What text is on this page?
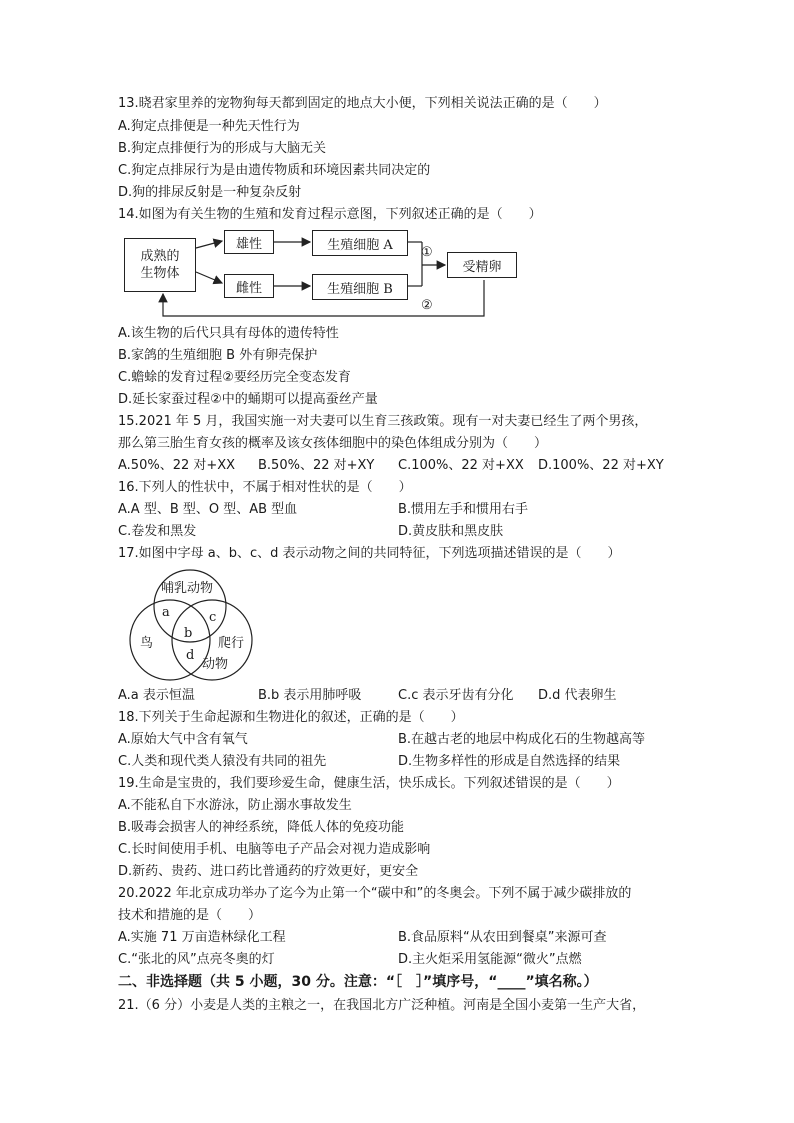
13.晓君家里养的宠物狗每天都到固定的地点大小便，下列相关说法正确的是（　　）
A.狗定点排便是一种先天性行为
B.狗定点排便行为的形成与大脑无关
C.狗定点排尿行为是由遗传物质和环境因素共同决定的
D.狗的排尿反射是一种复杂反射
14.如图为有关生物的生殖和发育过程示意图，下列叙述正确的是（　　）
成熟的生物体
雄性
雌性
生殖细胞 A
生殖细胞 B
受精卵
①
②
A.该生物的后代只具有母体的遗传特性
B.家鸽的生殖细胞 B 外有卵壳保护
C.蟾蜍的发育过程②要经历完全变态发育
D.延长家蚕过程②中的蛹期可以提高蚕丝产量
15.2021 年 5 月，我国实施一对夫妻可以生育三孩政策。现有一对夫妻已经生了两个男孩，
那么第三胎生育女孩的概率及该女孩体细胞中的染色体组成分别为（　　）
A.50%、22 对+XX B.50%、22 对+XY C.100%、22 对+XX D.100%、22 对+XY
16.下列人的性状中，不属于相对性状的是（　　）
A.A 型、B 型、O 型、AB 型血	B.惯用左手和惯用右手
C.卷发和黑发	D.黄皮肤和黑皮肤
17.如图中字母 a、b、c、d 表示动物之间的共同特征，下列选项描述错误的是（　　）
哺乳动物
鸟	爬行
动物
a
b
c
d
A.a 表示恒温	B.b 表示用肺呼吸	C.c 表示牙齿有分化 D.d 代表卵生
18.下列关于生命起源和生物进化的叙述，正确的是（　　）
A.原始大气中含有氧气	B.在越古老的地层中构成化石的生物越高等
C.人类和现代类人猿没有共同的祖先	D.生物多样性的形成是自然选择的结果
19.生命是宝贵的，我们要珍爱生命，健康生活，快乐成长。下列叙述错误的是（　　）
A.不能私自下水游泳，防止溺水事故发生
B.吸毒会损害人的神经系统，降低人体的免疫功能
C.长时间使用手机、电脑等电子产品会对视力造成影响
D.新药、贵药、进口药比普通药的疗效更好，更安全
20.2022 年北京成功举办了迄今为止第一个“碳中和”的冬奥会。下列不属于减少碳排放的
技术和措施的是（　　）
A.实施 71 万亩造林绿化工程	B.食品原料“从农田到餐桌”来源可查
C.“张北的风”点亮冬奥的灯	D.主火炬采用氢能源“微火”点燃
二、非选择题（共 5 小题，30 分。注意：“［　］”填序号，“____”填名称。）
21.（6 分）小麦是人类的主粮之一，在我国北方广泛种植。河南是全国小麦第一生产大省，
